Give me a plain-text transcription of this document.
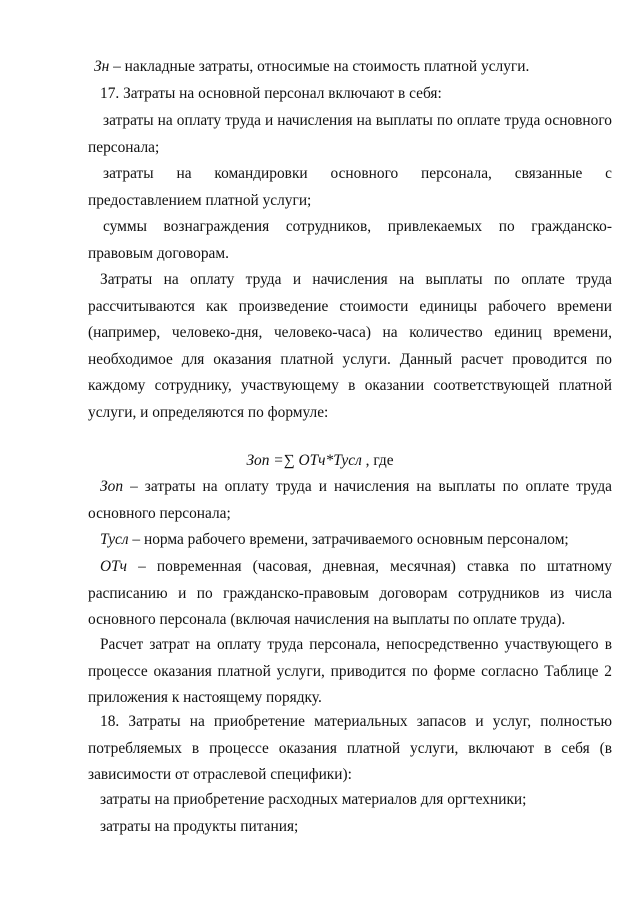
Зн – накладные затраты, относимые на стоимость платной услуги.

17. Затраты на основной персонал включают в себя:

затраты на оплату труда и начисления на выплаты по оплате труда основного персонала;

затраты на командировки основного персонала, связанные с предоставлением платной услуги;

суммы вознаграждения сотрудников, привлекаемых по гражданско-правовым договорам.

Затраты на оплату труда и начисления на выплаты по оплате труда рассчитываются как произведение стоимости единицы рабочего времени (например, человеко-дня, человеко-часа) на количество единиц времени, необходимое для оказания платной услуги. Данный расчет проводится по каждому сотруднику, участвующему в оказании соответствующей платной услуги, и определяются по формуле:

Зоп =∑ ОТч*Тусл , где

Зоп – затраты на оплату труда и начисления на выплаты по оплате труда основного персонала;

Тусл – норма рабочего времени, затрачиваемого основным персоналом;

ОТч – повременная (часовая, дневная, месячная) ставка по штатному расписанию и по гражданско-правовым договорам сотрудников из числа основного персонала (включая начисления на выплаты по оплате труда).

Расчет затрат на оплату труда персонала, непосредственно участвующего в процессе оказания платной услуги, приводится по форме согласно Таблице 2 приложения к настоящему порядку.

18. Затраты на приобретение материальных запасов и услуг, полностью потребляемых в процессе оказания платной услуги, включают в себя (в зависимости от отраслевой специфики):

затраты на приобретение расходных материалов для оргтехники;

затраты на продукты питания;
